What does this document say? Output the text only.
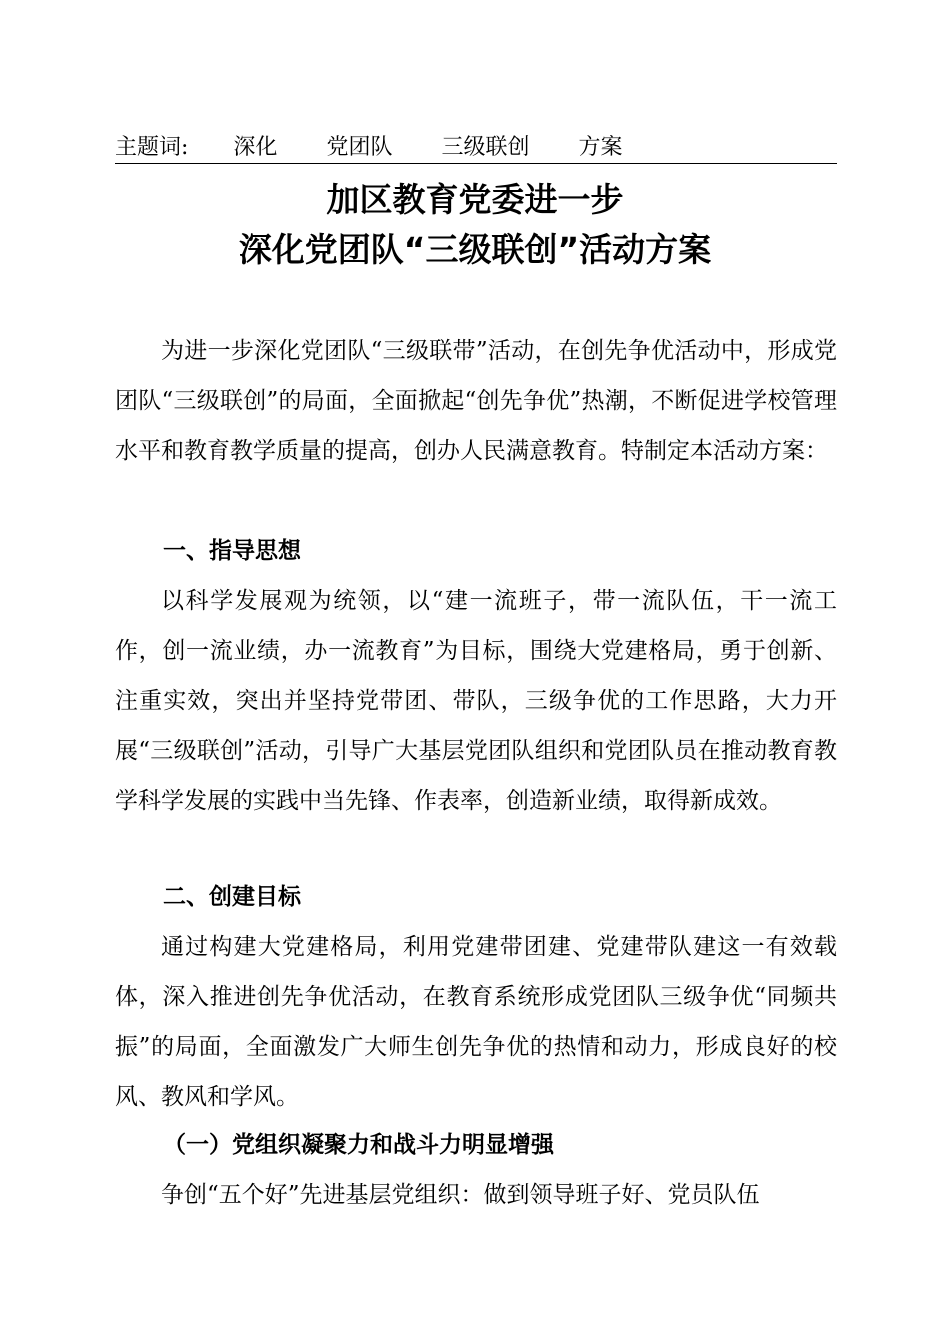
主题词: 深化 党团队 三级联创 方案
加区教育党委进一步
深化党团队“三级联创”活动方案
为进一步深化党团队“三级联带”活动，在创先争优活动中，形成党团队“三级联创”的局面，全面掀起“创先争优”热潮，不断促进学校管理水平和教育教学质量的提高，创办人民满意教育。特制定本活动方案：
一、指导思想
以科学发展观为统领，以“建一流班子，带一流队伍，干一流工作，创一流业绩，办一流教育”为目标，围绕大党建格局，勇于创新、注重实效，突出并坚持党带团、带队，三级争优的工作思路，大力开展“三级联创”活动，引导广大基层党团队组织和党团队员在推动教育教学科学发展的实践中当先锋、作表率，创造新业绩，取得新成效。
二、创建目标
通过构建大党建格局，利用党建带团建、党建带队建这一有效载体，深入推进创先争优活动，在教育系统形成党团队三级争优“同频共振”的局面，全面激发广大师生创先争优的热情和动力，形成良好的校风、教风和学风。
（一）党组织凝聚力和战斗力明显增强
争创“五个好”先进基层党组织：做到领导班子好、党员队伍
